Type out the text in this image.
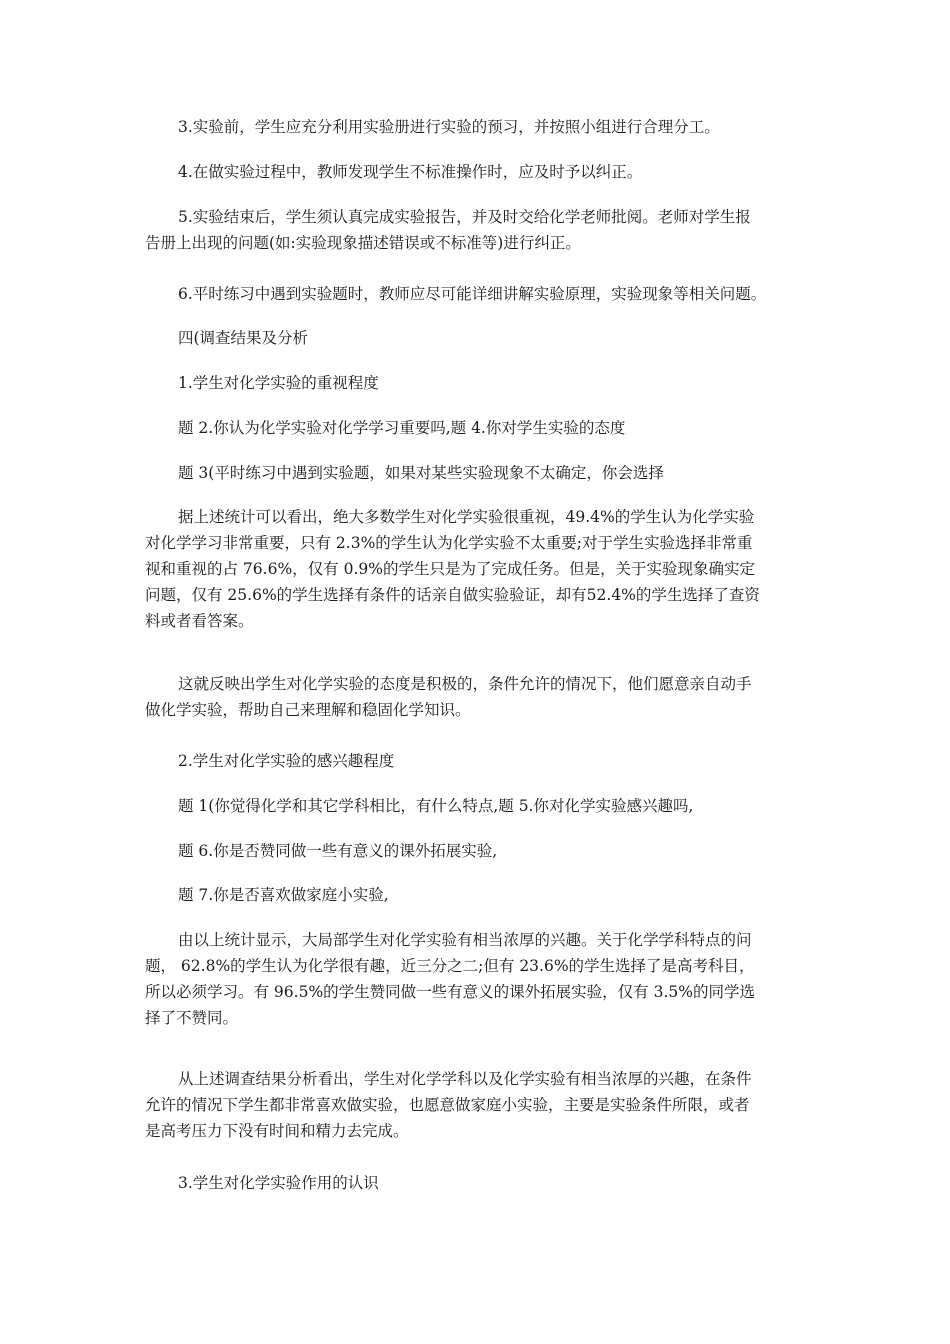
3.实验前，学生应充分利用实验册进行实验的预习，并按照小组进行合理分工。

4.在做实验过程中，教师发现学生不标准操作时，应及时予以纠正。

5.实验结束后，学生须认真完成实验报告，并及时交给化学老师批阅。老师对学生报
告册上出现的问题(如:实验现象描述错误或不标准等)进行纠正。

6.平时练习中遇到实验题时，教师应尽可能详细讲解实验原理，实验现象等相关问题。

四(调查结果及分析

1.学生对化学实验的重视程度

题 2.你认为化学实验对化学学习重要吗,题 4.你对学生实验的态度

题 3(平时练习中遇到实验题，如果对某些实验现象不太确定，你会选择

据上述统计可以看出，绝大多数学生对化学实验很重视，49.4%的学生认为化学实验
对化学学习非常重要，只有 2.3%的学生认为化学实验不太重要;对于学生实验选择非常重
视和重视的占 76.6%，仅有 0.9%的学生只是为了完成任务。但是，关于实验现象确实定
问题，仅有 25.6%的学生选择有条件的话亲自做实验验证，却有52.4%的学生选择了查资
料或者看答案。
这就反映出学生对化学实验的态度是积极的，条件允许的情况下，他们愿意亲自动手
做化学实验，帮助自己来理解和稳固化学知识。

2.学生对化学实验的感兴趣程度

题 1(你觉得化学和其它学科相比，有什么特点,题 5.你对化学实验感兴趣吗,

题 6.你是否赞同做一些有意义的课外拓展实验,

题 7.你是否喜欢做家庭小实验,

由以上统计显示，大局部学生对化学实验有相当浓厚的兴趣。关于化学学科特点的问
题， 62.8%的学生认为化学很有趣，近三分之二;但有 23.6%的学生选择了是高考科目，
所以必须学习。有 96.5%的学生赞同做一些有意义的课外拓展实验，仅有 3.5%的同学选
择了不赞同。
从上述调查结果分析看出，学生对化学学科以及化学实验有相当浓厚的兴趣，在条件
允许的情况下学生都非常喜欢做实验，也愿意做家庭小实验，主要是实验条件所限，或者
是高考压力下没有时间和精力去完成。

3.学生对化学实验作用的认识
